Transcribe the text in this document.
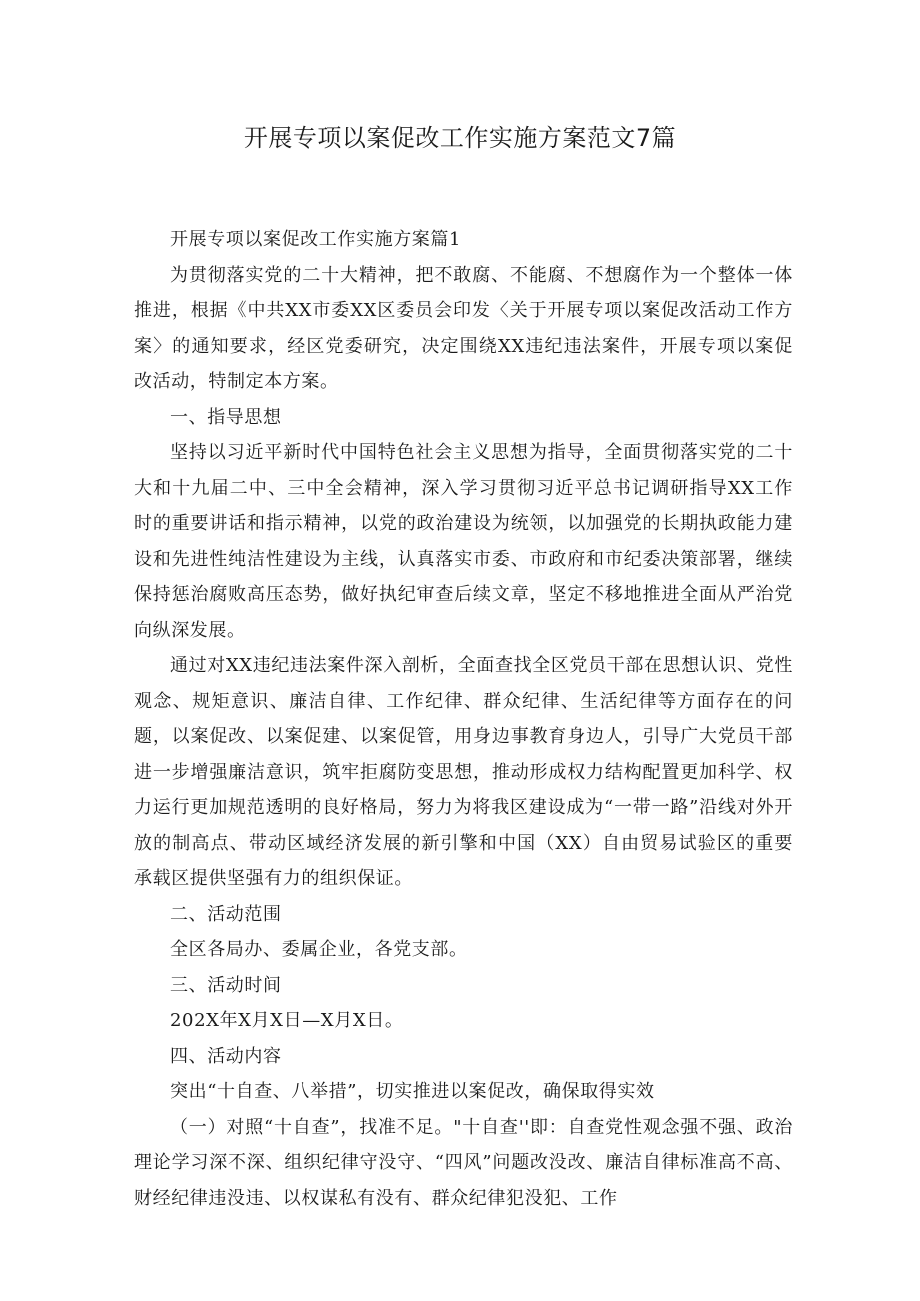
开展专项以案促改工作实施方案范文7篇

开展专项以案促改工作实施方案篇1

为贯彻落实党的二十大精神，把不敢腐、不能腐、不想腐作为一个整体一体推进，根据《中共XX市委XX区委员会印发〈关于开展专项以案促改活动工作方案〉的通知要求，经区党委研究，决定围绕XX违纪违法案件，开展专项以案促改活动，特制定本方案。

一、指导思想

坚持以习近平新时代中国特色社会主义思想为指导，全面贯彻落实党的二十大和十九届二中、三中全会精神，深入学习贯彻习近平总书记调研指导XX工作时的重要讲话和指示精神，以党的政治建设为统领，以加强党的长期执政能力建设和先进性纯洁性建设为主线，认真落实市委、市政府和市纪委决策部署，继续保持惩治腐败高压态势，做好执纪审查后续文章，坚定不移地推进全面从严治党向纵深发展。

通过对XX违纪违法案件深入剖析，全面查找全区党员干部在思想认识、党性观念、规矩意识、廉洁自律、工作纪律、群众纪律、生活纪律等方面存在的问题，以案促改、以案促建、以案促管，用身边事教育身边人，引导广大党员干部进一步增强廉洁意识，筑牢拒腐防变思想，推动形成权力结构配置更加科学、权力运行更加规范透明的良好格局，努力为将我区建设成为“一带一路”沿线对外开放的制高点、带动区域经济发展的新引擎和中国（XX）自由贸易试验区的重要承载区提供坚强有力的组织保证。

二、活动范围

全区各局办、委属企业，各党支部。

三、活动时间

202X年X月X日—X月X日。

四、活动内容

突出“十自查、八举措”，切实推进以案促改，确保取得实效

（一）对照“十自查”，找准不足。"十自查''即：自查党性观念强不强、政治理论学习深不深、组织纪律守没守、“四风”问题改没改、廉洁自律标准高不高、财经纪律违没违、以权谋私有没有、群众纪律犯没犯、工作
